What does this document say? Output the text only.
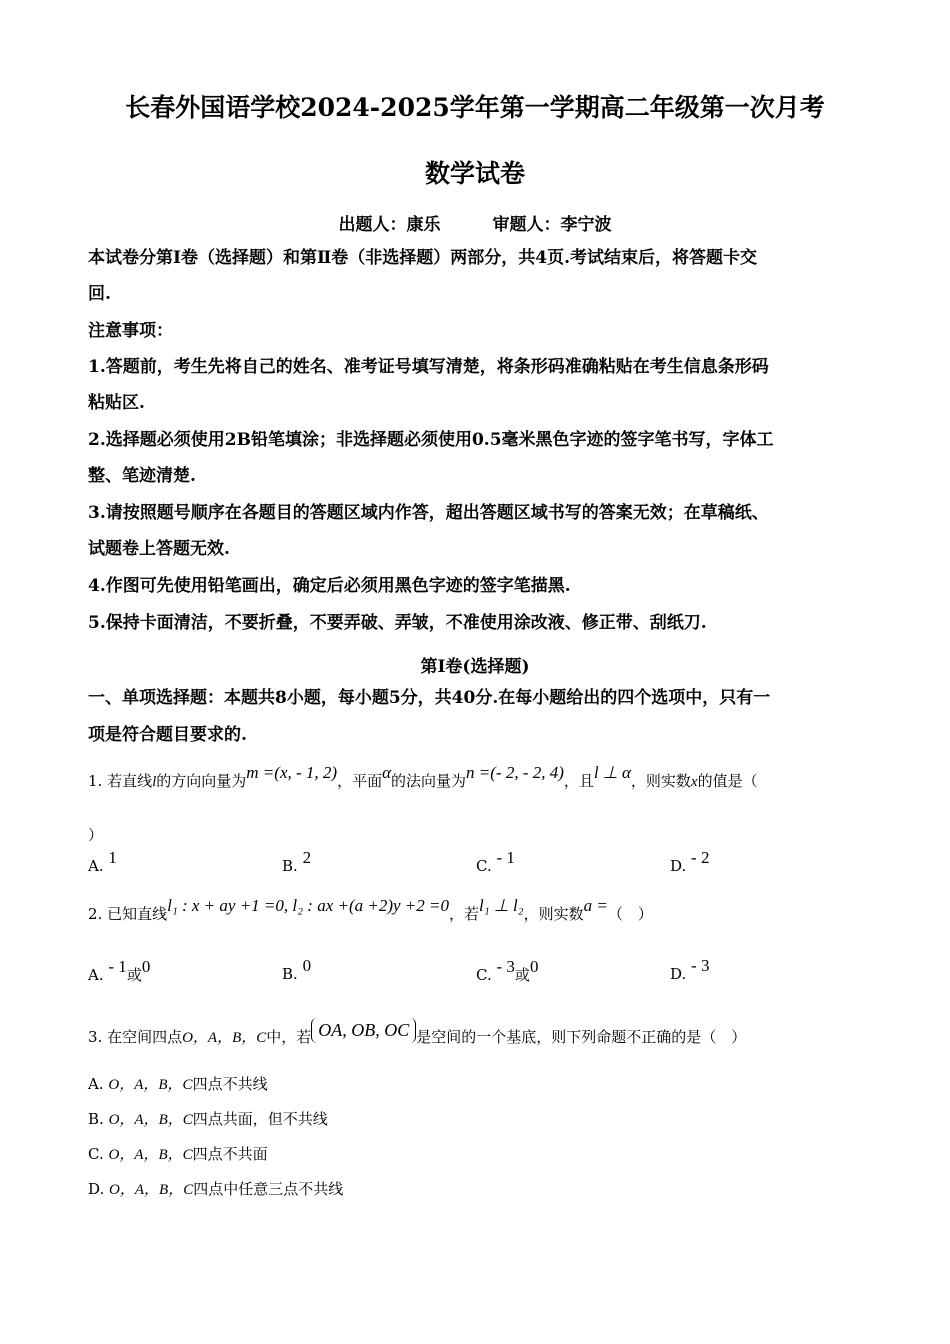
长春外国语学校2024-2025学年第一学期高二年级第一次月考
数学试卷
出题人：康乐	审题人：李宁波
本试卷分第Ⅰ卷（选择题）和第Ⅱ卷（非选择题）两部分，共4页.考试结束后，将答题卡交
回.
注意事项：
1.答题前，考生先将自己的姓名、准考证号填写清楚，将条形码准确粘贴在考生信息条形码
粘贴区.
2.选择题必须使用2B铅笔填涂；非选择题必须使用0.5毫米黑色字迹的签字笔书写，字体工
整、笔迹清楚.
3.请按照题号顺序在各题目的答题区域内作答，超出答题区域书写的答案无效；在草稿纸、
试题卷上答题无效.
4.作图可先使用铅笔画出，确定后必须用黑色字迹的签字笔描黑.
5.保持卡面清洁，不要折叠，不要弄破、弄皱，不准使用涂改液、修正带、刮纸刀.
第Ⅰ卷(选择题)
一、单项选择题：本题共8小题，每小题5分，共40分.在每小题给出的四个选项中，只有一
项是符合题目要求的.
1. 若直线l的方向向量为m =(x, - 1, 2)，平面α的法向量为n =(- 2, - 2, 4)，且l ⊥ α，则实数x的值是（
）
A. 1	B. 2	C. - 1	D. - 2
2. 已知直线l₁ : x + ay +1 =0, l₂ : ax +(a +2)y +2 =0，若l₁ ⊥ l₂，则实数a =（　）
A. - 1或0	B. 0	C. - 3或0	D. - 3
3. 在空间四点O，A，B，C中，若 OA, OB, OC 是空间的一个基底，则下列命题不正确的是（　）
A. O，A，B，C四点不共线
B. O，A，B，C四点共面，但不共线
C. O，A，B，C四点不共面
D. O，A，B，C四点中任意三点不共线
